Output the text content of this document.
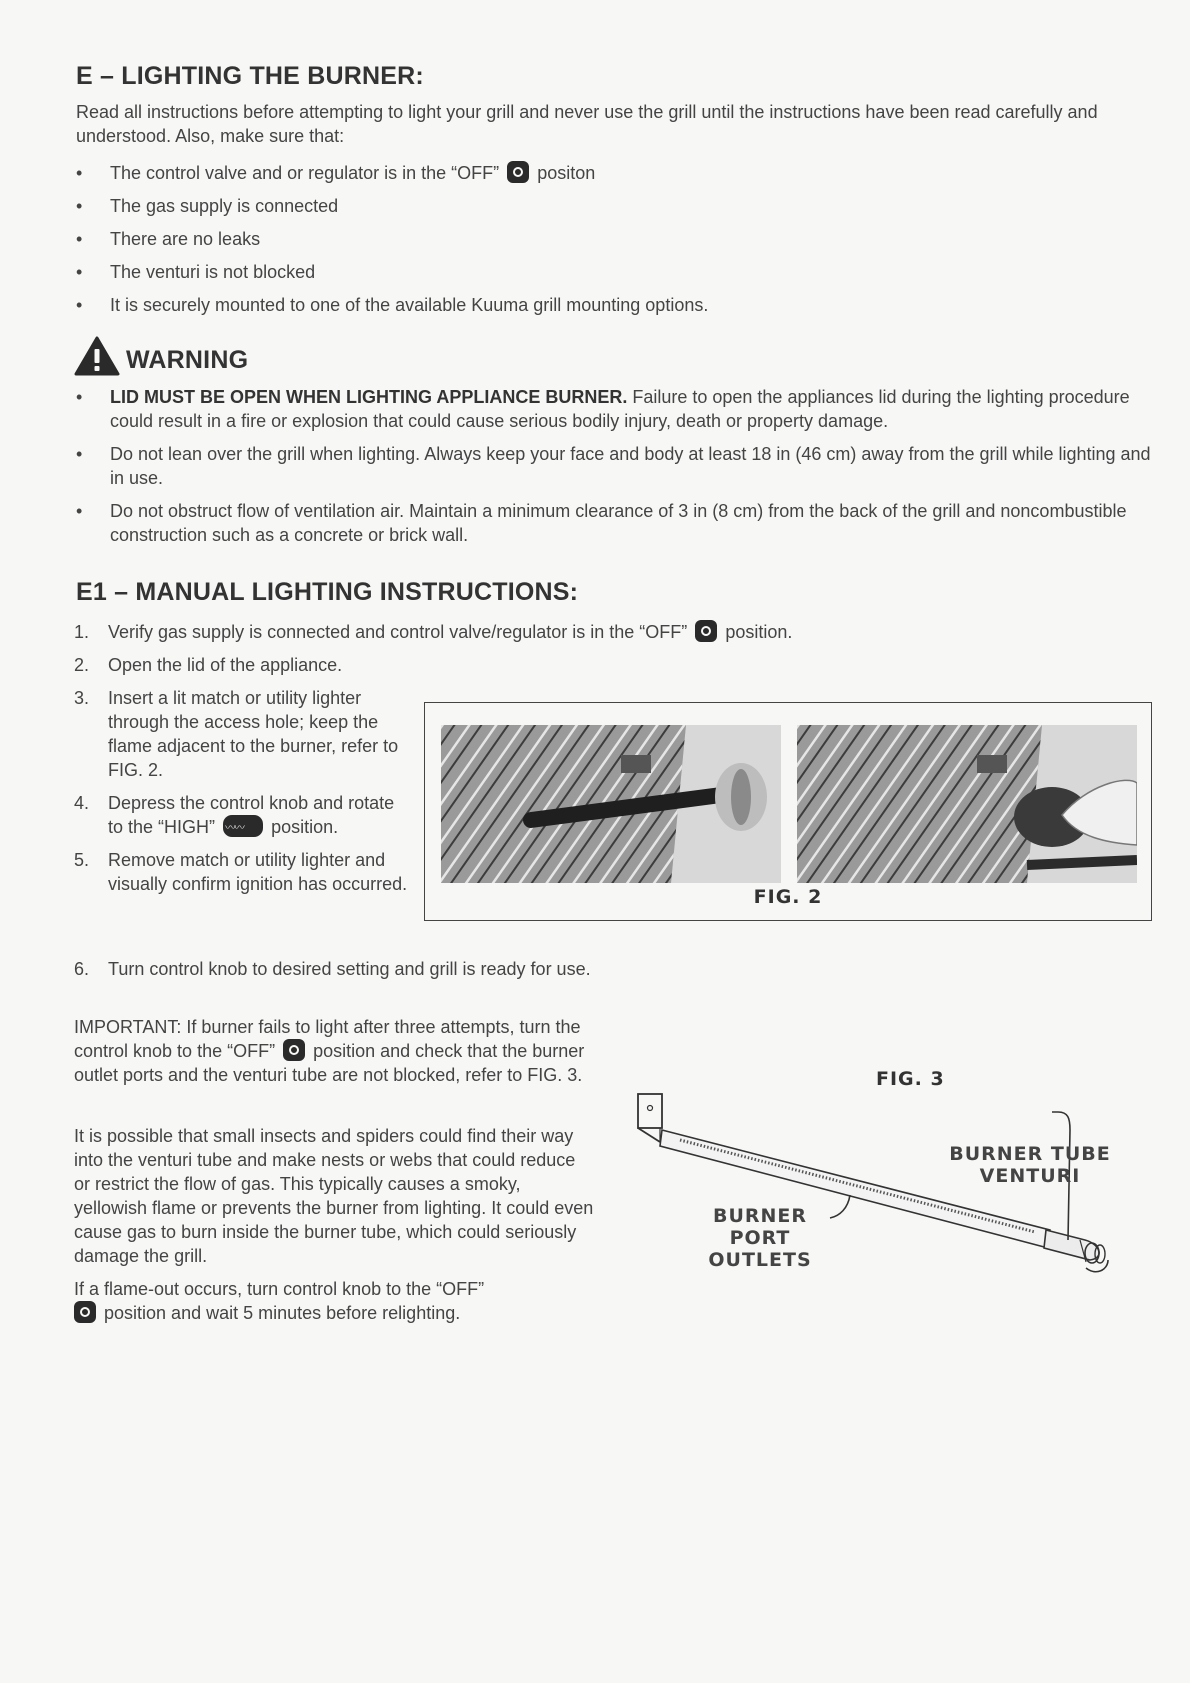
E – LIGHTING THE BURNER:
Read all instructions before attempting to light your grill and never use the grill until the instructions have been read carefully and understood. Also, make sure that:
• The control valve and or regulator is in the “OFF” positon
• The gas supply is connected
• There are no leaks
• The venturi is not blocked
• It is securely mounted to one of the available Kuuma grill mounting options.
WARNING
• LID MUST BE OPEN WHEN LIGHTING APPLIANCE BURNER. Failure to open the appliances lid during the lighting procedure could result in a fire or explosion that could cause serious bodily injury, death or property damage.
• Do not lean over the grill when lighting. Always keep your face and body at least 18 in (46 cm) away from the grill while lighting and in use.
• Do not obstruct flow of ventilation air. Maintain a minimum clearance of 3 in (8 cm) from the back of the grill and noncombustible construction such as a concrete or brick wall.
E1 – MANUAL LIGHTING INSTRUCTIONS:
1. Verify gas supply is connected and control valve/regulator is in the “OFF” position.
2. Open the lid of the appliance.
3. Insert a lit match or utility lighter through the access hole; keep the flame adjacent to the burner, refer to FIG. 2.
4. Depress the control knob and rotate to the “HIGH” 〰〰	position.
5. Remove match or utility lighter and visually confirm ignition has occurred.
6. Turn control knob to desired setting and grill is ready for use.
IMPORTANT: If burner fails to light after three attempts, turn the control knob to the “OFF” position and check that the burner outlet ports and the venturi tube are not blocked, refer to FIG. 3.
It is possible that small insects and spiders could find their way into the venturi tube and make nests or webs that could reduce or restrict the flow of gas. This typically causes a smoky, yellowish flame or prevents the burner from lighting. It could even cause gas to burn inside the burner tube, which could seriously damage the grill.
If a flame-out occurs, turn control knob to the “OFF”
position and wait 5 minutes before relighting.
FIG. 2
FIG. 3
BURNER TUBE
VENTURI
BURNER PORT
OUTLETS
